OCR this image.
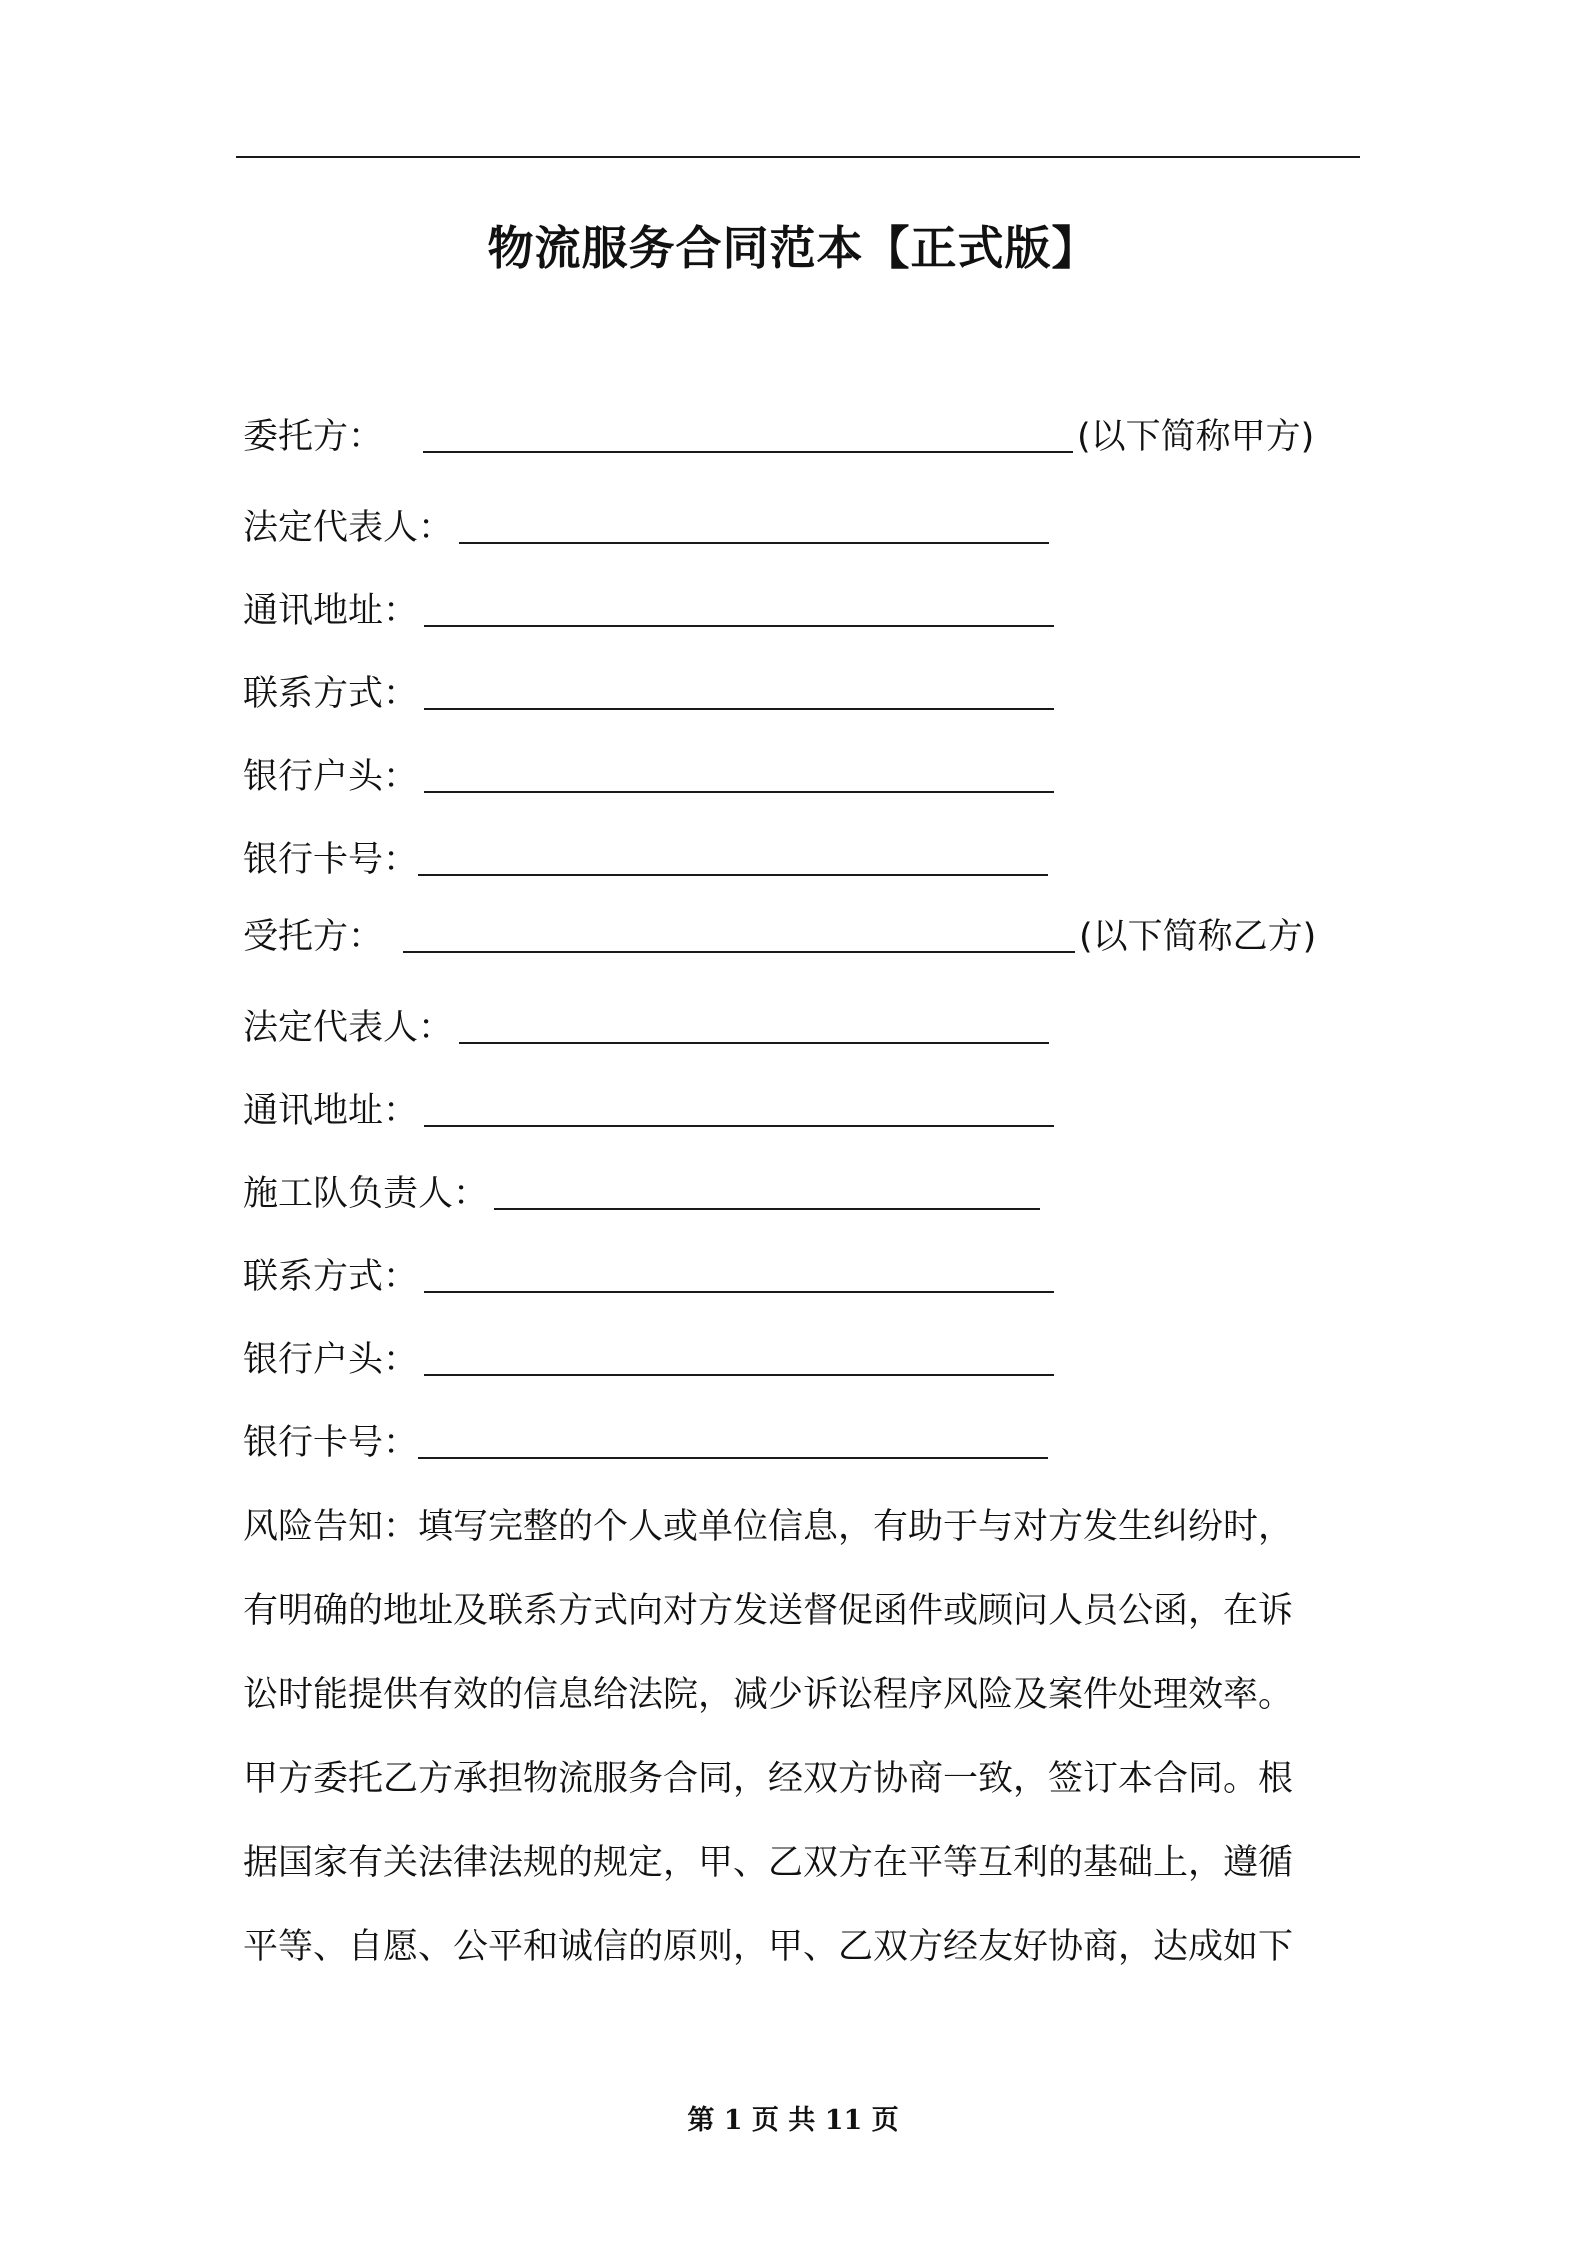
物流服务合同范本【正式版】
委托方：	(以下简称甲方)
法定代表人：
通讯地址：
联系方式：
银行户头：
银行卡号：
受托方：	(以下简称乙方)
法定代表人：
通讯地址：
施工队负责人：
联系方式：
银行户头：
银行卡号：
风险告知：填写完整的个人或单位信息，有助于与对方发生纠纷时，
有明确的地址及联系方式向对方发送督促函件或顾问人员公函，在诉
讼时能提供有效的信息给法院，减少诉讼程序风险及案件处理效率。
甲方委托乙方承担物流服务合同，经双方协商一致，签订本合同。根
据国家有关法律法规的规定，甲、乙双方在平等互利的基础上，遵循
平等、自愿、公平和诚信的原则，甲、乙双方经友好协商，达成如下
第 1 页 共 11 页
